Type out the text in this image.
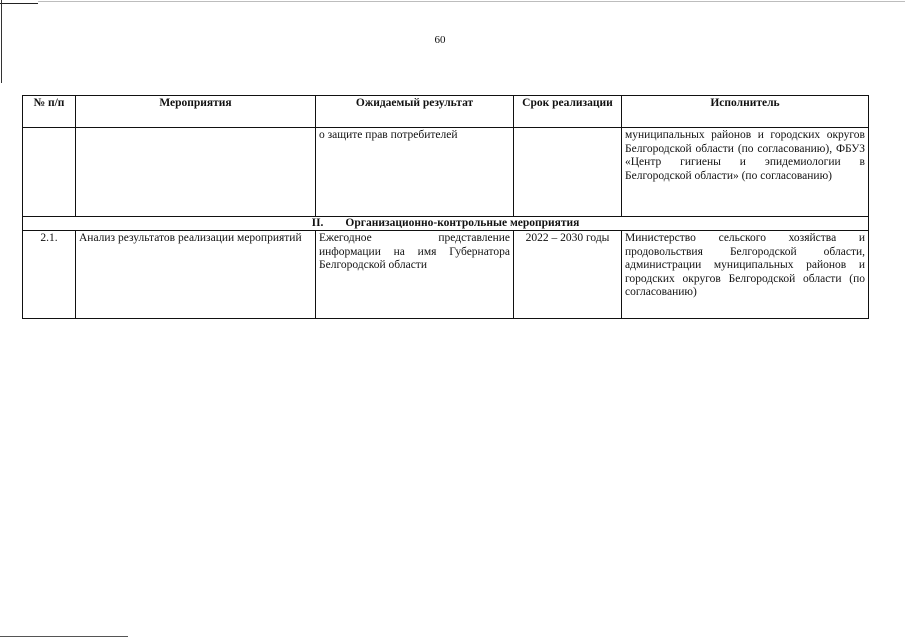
60
№ п/п	Мероприятия	Ожидаемый результат	Срок реализации	Исполнитель
		о защите прав потребителей		муниципальных районов и городских округов Белгородской области (по согласованию), ФБУЗ «Центр гигиены и эпидемиологии в Белгородской области» (по согласованию)
II. Организационно-контрольные мероприятия				
2.1.	Анализ результатов реализации мероприятий	Ежегодное представление информации на имя Губернатора Белгородской области	2022 – 2030 годы	Министерство сельского хозяйства и продовольствия Белгородской области, администрации муниципальных районов и городских округов Белгородской области (по согласованию)
